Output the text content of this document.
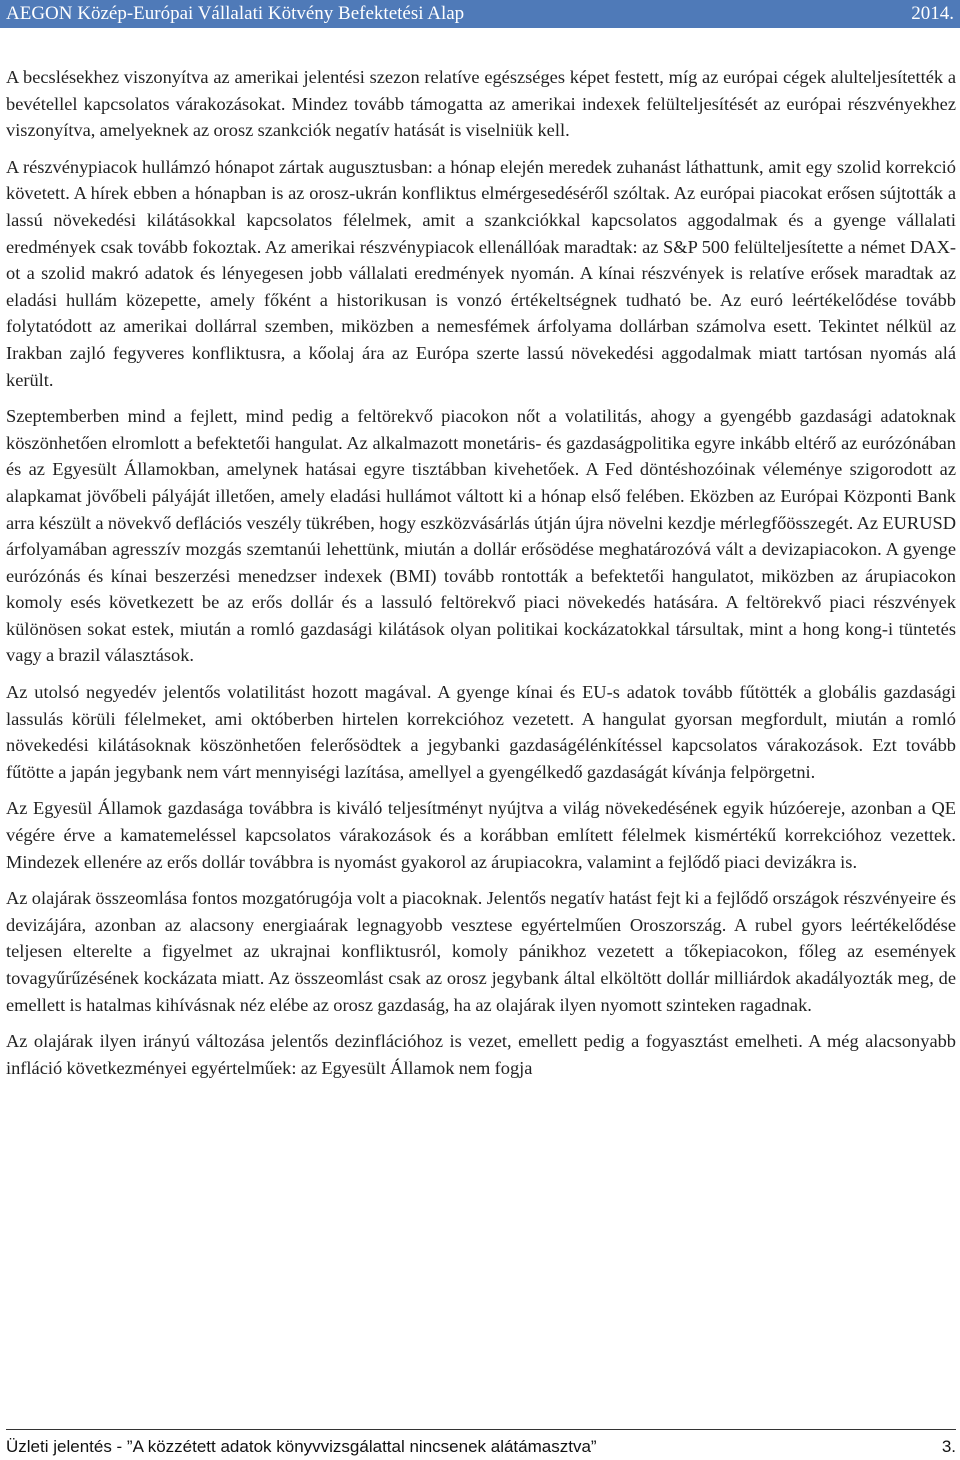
AEGON Közép-Európai Vállalati Kötvény Befektetési Alap	2014.

A becslésekhez viszonyítva az amerikai jelentési szezon relatíve egészséges képet festett, míg az európai cégek alulteljesítették a bevétellel kapcsolatos várakozásokat. Mindez tovább támogatta az amerikai indexek felülteljesítését az európai részvényekhez viszonyítva, amelyeknek az orosz szankciók negatív hatását is viselniük kell.

A részvénypiacok hullámzó hónapot zártak augusztusban: a hónap elején meredek zuhanást láthattunk, amit egy szolid korrekció követett. A hírek ebben a hónapban is az orosz-ukrán konfliktus elmérgesedéséről szóltak. Az európai piacokat erősen sújtották a lassú növekedési kilátásokkal kapcsolatos félelmek, amit a szankciókkal kapcsolatos aggodalmak és a gyenge vállalati eredmények csak tovább fokoztak. Az amerikai részvénypiacok ellenállóak maradtak: az S&P 500 felülteljesítette a német DAX-ot a szolid makró adatok és lényegesen jobb vállalati eredmények nyomán. A kínai részvények is relatíve erősek maradtak az eladási hullám közepette, amely főként a historikusan is vonzó értékeltségnek tudható be. Az euró leértékelődése tovább folytatódott az amerikai dollárral szemben, miközben a nemesfémek árfolyama dollárban számolva esett. Tekintet nélkül az Irakban zajló fegyveres konfliktusra, a kőolaj ára az Európa szerte lassú növekedési aggodalmak miatt tartósan nyomás alá került.

Szeptemberben mind a fejlett, mind pedig a feltörekvő piacokon nőt a volatilitás, ahogy a gyengébb gazdasági adatoknak köszönhetően elromlott a befektetői hangulat. Az alkalmazott monetáris- és gazdaságpolitika egyre inkább eltérő az eurózónában és az Egyesült Államokban, amelynek hatásai egyre tisztábban kivehetőek. A Fed döntéshozóinak véleménye szigorodott az alapkamat jövőbeli pályáját illetően, amely eladási hullámot váltott ki a hónap első felében. Eközben az Európai Központi Bank arra készült a növekvő deflációs veszély tükrében, hogy eszközvásárlás útján újra növelni kezdje mérlegfőösszegét. Az EURUSD árfolyamában agresszív mozgás szemtanúi lehettünk, miután a dollár erősödése meghatározóvá vált a devizapiacokon. A gyenge eurózónás és kínai beszerzési menedzser indexek (BMI) tovább rontották a befektetői hangulatot, miközben az árupiacokon komoly esés következett be az erős dollár és a lassuló feltörekvő piaci növekedés hatására. A feltörekvő piaci részvények különösen sokat estek, miután a romló gazdasági kilátások olyan politikai kockázatokkal társultak, mint a hong kong-i tüntetés vagy a brazil választások.

Az utolsó negyedév jelentős volatilitást hozott magával. A gyenge kínai és EU-s adatok tovább fűtötték a globális gazdasági lassulás körüli félelmeket, ami októberben hirtelen korrekcióhoz vezetett. A hangulat gyorsan megfordult, miután a romló növekedési kilátásoknak köszönhetően felerősödtek a jegybanki gazdaságélénkítéssel kapcsolatos várakozások. Ezt tovább fűtötte a japán jegybank nem várt mennyiségi lazítása, amellyel a gyengélkedő gazdaságát kívánja felpörgetni.

Az Egyesül Államok gazdasága továbbra is kiváló teljesítményt nyújtva a világ növekedésének egyik húzóereje, azonban a QE végére érve a kamatemeléssel kapcsolatos várakozások és a korábban említett félelmek kismértékű korrekcióhoz vezettek. Mindezek ellenére az erős dollár továbbra is nyomást gyakorol az árupiacokra, valamint a fejlődő piaci devizákra is.

Az olajárak összeomlása fontos mozgatórugója volt a piacoknak. Jelentős negatív hatást fejt ki a fejlődő országok részvényeire és devizájára, azonban az alacsony energiaárak legnagyobb vesztese egyértelműen Oroszország. A rubel gyors leértékelődése teljesen elterelte a figyelmet az ukrajnai konfliktusról, komoly pánikhoz vezetett a tőkepiacokon, főleg az események tovagyűrűzésének kockázata miatt. Az összeomlást csak az orosz jegybank által elköltött dollár milliárdok akadályozták meg, de emellett is hatalmas kihívásnak néz elébe az orosz gazdaság, ha az olajárak ilyen nyomott szinteken ragadnak.

Az olajárak ilyen irányú változása jelentős dezinflációhoz is vezet, emellett pedig a fogyasztást emelheti. A még alacsonyabb infláció következményei egyértelműek: az Egyesült Államok nem fogja

Üzleti jelentés - ”A közzétett adatok könyvvizsgálattal nincsenek alátámasztva”	3.
